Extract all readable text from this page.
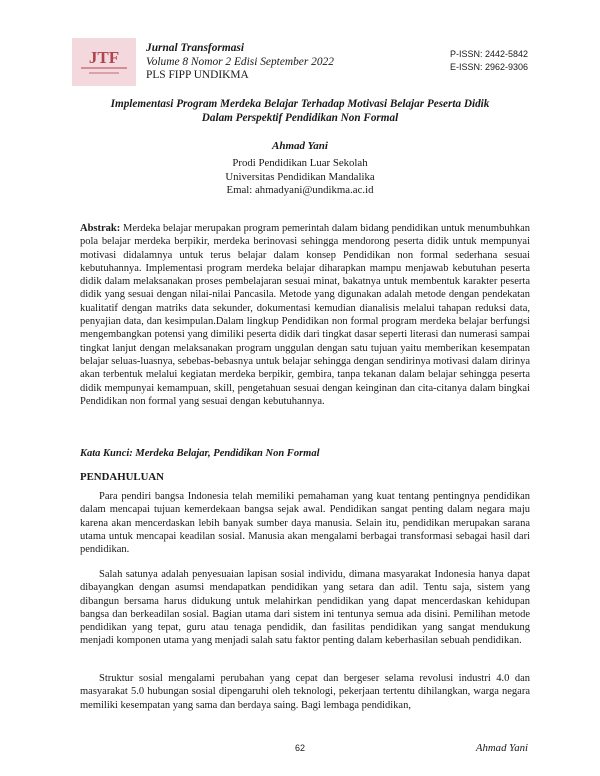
JTF Jurnal Transformasi
Volume 8 Nomor 2 Edisi September 2022
PLS FIPP UNDIKMA
P-ISSN: 2442-5842
E-ISSN: 2962-9306
Implementasi Program Merdeka Belajar Terhadap Motivasi Belajar Peserta Didik
Dalam Perspektif Pendidikan Non Formal
Ahmad Yani
Prodi Pendidikan Luar Sekolah
Universitas Pendidikan Mandalika
Emal: ahmadyani@undikma.ac.id

Abstrak: Merdeka belajar merupakan program pemerintah dalam bidang pendidikan untuk menumbuhkan pola belajar merdeka berpikir, merdeka berinovasi sehingga mendorong peserta didik untuk mempunyai motivasi didalamnya untuk terus belajar dalam konsep Pendidikan non formal sederhana sesuai kebutuhannya. Implementasi program merdeka belajar diharapkan mampu menjawab kebutuhan peserta didik dalam melaksanakan proses pembelajaran sesuai minat, bakatnya untuk membentuk karakter peserta didik yang sesuai dengan nilai-nilai Pancasila. Metode yang digunakan adalah metode dengan pendekatan kualitatif dengan matriks data sekunder, dokumentasi kemudian dianalisis melalui tahapan reduksi data, penyajian data, dan kesimpulan.Dalam lingkup Pendidikan non formal program merdeka belajar berfungsi mengembangkan potensi yang dimiliki peserta didik dari tingkat dasar seperti literasi dan numerasi sampai tingkat lanjut dengan melaksanakan program unggulan dengan satu tujuan yaitu memberikan kesempatan belajar seluas-luasnya, sebebas-bebasnya untuk belajar sehingga dengan sendirinya motivasi dalam dirinya akan terbentuk melalui kegiatan merdeka berpikir, gembira, tanpa tekanan dalam belajar sehingga peserta didik mempunyai kemampuan, skill, pengetahuan sesuai dengan keinginan dan cita-citanya dalam bingkai Pendidikan non formal yang sesuai dengan kebutuhannya.

Kata Kunci: Merdeka Belajar, Pendidikan Non Formal

PENDAHULUAN

Para pendiri bangsa Indonesia telah memiliki pemahaman yang kuat tentang pentingnya pendidikan dalam mencapai tujuan kemerdekaan bangsa sejak awal. Pendidikan sangat penting dalam negara maju karena akan mencerdaskan lebih banyak sumber daya manusia. Selain itu, pendidikan merupakan sarana utama untuk mencapai keadilan sosial. Manusia akan mengalami berbagai transformasi sebagai hasil dari pendidikan.

Salah satunya adalah penyesuaian lapisan sosial individu, dimana masyarakat Indonesia hanya dapat dibayangkan dengan asumsi mendapatkan pendidikan yang setara dan adil. Tentu saja, sistem yang dibangun bersama harus didukung untuk melahirkan pendidikan yang dapat mencerdaskan kehidupan bangsa dan berkeadilan sosial. Bagian utama dari sistem ini tentunya semua ada disini. Pemilihan metode pendidikan yang tepat, guru atau tenaga pendidik, dan fasilitas pendidikan yang sangat mendukung menjadi komponen utama yang menjadi salah satu faktor penting dalam keberhasilan sebuah pendidikan.

Struktur sosial mengalami perubahan yang cepat dan bergeser selama revolusi industri 4.0 dan masyarakat 5.0 hubungan sosial dipengaruhi oleh teknologi, pekerjaan tertentu dihilangkan, warga negara memiliki kesempatan yang sama dan berdaya saing. Bagi lembaga pendidikan,

62	Ahmad Yani
